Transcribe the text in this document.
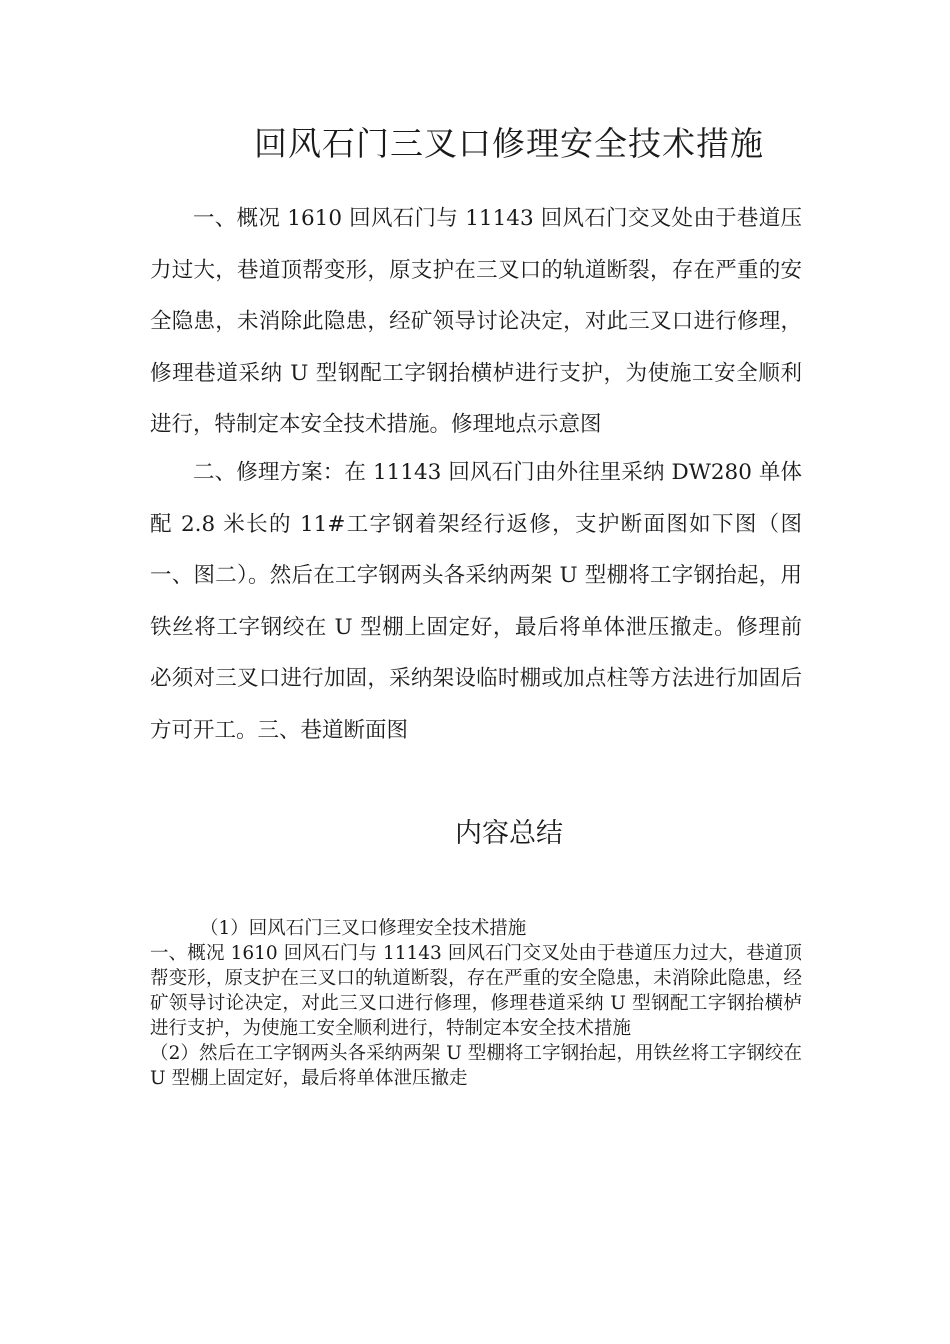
回风石门三叉口修理安全技术措施

一、概况 1610 回风石门与 11143 回风石门交叉处由于巷道压力过大，巷道顶帮变形，原支护在三叉口的轨道断裂，存在严重的安全隐患，未消除此隐患，经矿领导讨论决定，对此三叉口进行修理，修理巷道采纳 U 型钢配工字钢抬横栌进行支护，为使施工安全顺利进行，特制定本安全技术措施。修理地点示意图

二、修理方案：在 11143 回风石门由外往里采纳 DW280 单体配 2.8 米长的 11#工字钢着架经行返修，支护断面图如下图（图一、图二）。然后在工字钢两头各采纳两架 U 型棚将工字钢抬起，用铁丝将工字钢绞在 U 型棚上固定好，最后将单体泄压撤走。修理前必须对三叉口进行加固，采纳架设临时棚或加点柱等方法进行加固后方可开工。三、巷道断面图

内容总结

（1）回风石门三叉口修理安全技术措施

一、概况 1610 回风石门与 11143 回风石门交叉处由于巷道压力过大，巷道顶帮变形，原支护在三叉口的轨道断裂，存在严重的安全隐患，未消除此隐患，经矿领导讨论决定，对此三叉口进行修理，修理巷道采纳 U 型钢配工字钢抬横栌进行支护，为使施工安全顺利进行，特制定本安全技术措施

（2）然后在工字钢两头各采纳两架 U 型棚将工字钢抬起，用铁丝将工字钢绞在 U 型棚上固定好，最后将单体泄压撤走
